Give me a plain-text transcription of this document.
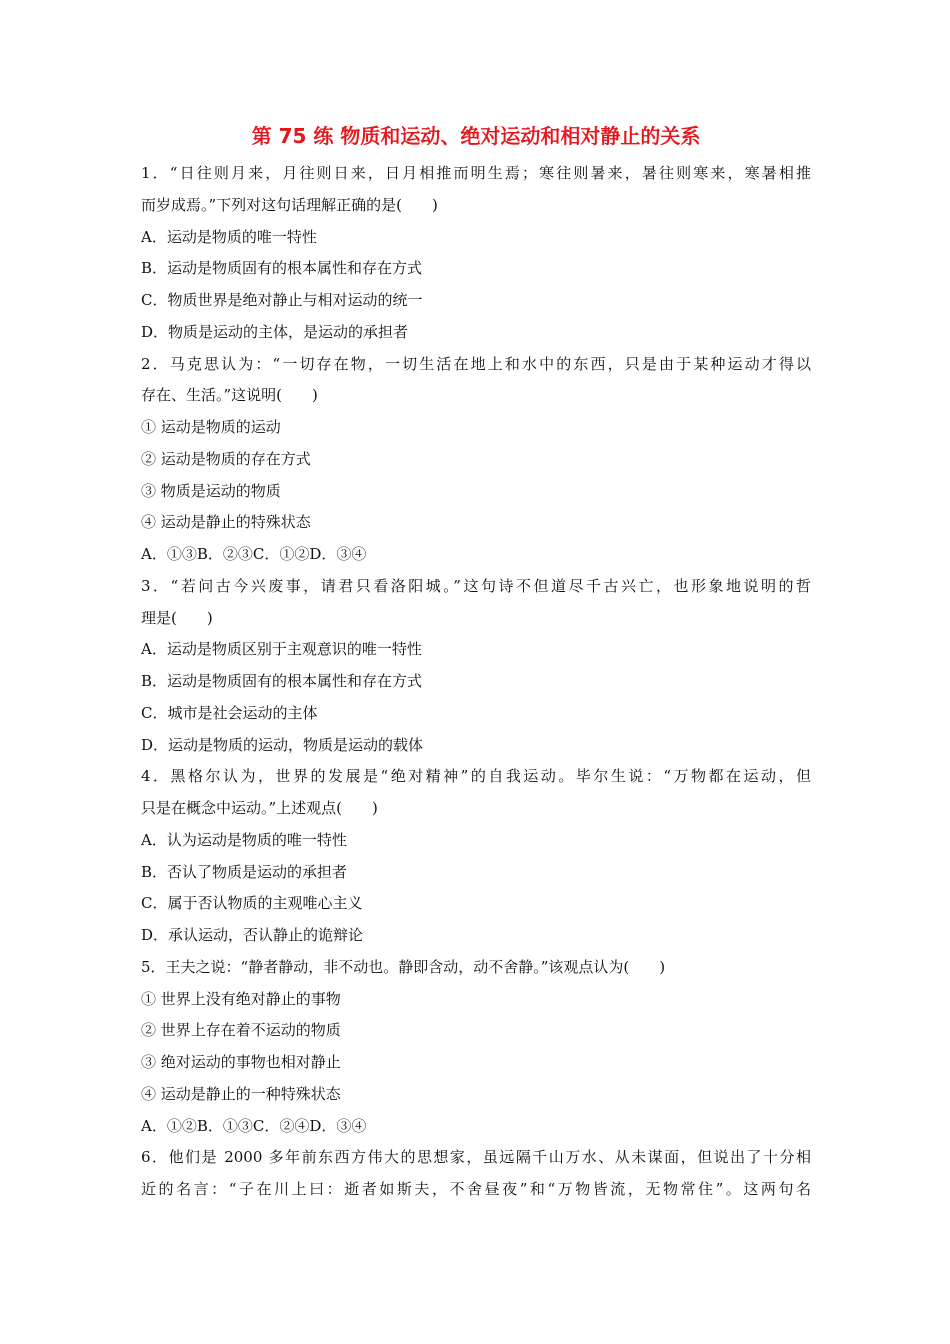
第 75 练 物质和运动、绝对运动和相对静止的关系
1．“日往则月来，月往则日来，日月相推而明生焉；寒往则暑来，暑往则寒来，寒暑相推
而岁成焉。”下列对这句话理解正确的是(　　)
A．运动是物质的唯一特性
B．运动是物质固有的根本属性和存在方式
C．物质世界是绝对静止与相对运动的统一
D．物质是运动的主体，是运动的承担者
2．马克思认为：“一切存在物，一切生活在地上和水中的东西，只是由于某种运动才得以
存在、生活。”这说明(　　)
① 运动是物质的运动
② 运动是物质的存在方式
③ 物质是运动的物质
④ 运动是静止的特殊状态
A．①③B．②③C．①②D．③④
3．“若问古今兴废事，请君只看洛阳城。”这句诗不但道尽千古兴亡，也形象地说明的哲
理是(　　)
A．运动是物质区别于主观意识的唯一特性
B．运动是物质固有的根本属性和存在方式
C．城市是社会运动的主体
D．运动是物质的运动，物质是运动的载体
4．黑格尔认为，世界的发展是“绝对精神”的自我运动。毕尔生说：“万物都在运动，但
只是在概念中运动。”上述观点(　　)
A．认为运动是物质的唯一特性
B．否认了物质是运动的承担者
C．属于否认物质的主观唯心主义
D．承认运动，否认静止的诡辩论
5．王夫之说：“静者静动，非不动也。静即含动，动不舍静。”该观点认为(　　)
① 世界上没有绝对静止的事物
② 世界上存在着不运动的物质
③ 绝对运动的事物也相对静止
④ 运动是静止的一种特殊状态
A．①②B．①③C．②④D．③④
6．他们是 2000 多年前东西方伟大的思想家，虽远隔千山万水、从未谋面，但说出了十分相
近的名言：“子在川上曰：逝者如斯夫，不舍昼夜”和“万物皆流，无物常住”。这两句名
